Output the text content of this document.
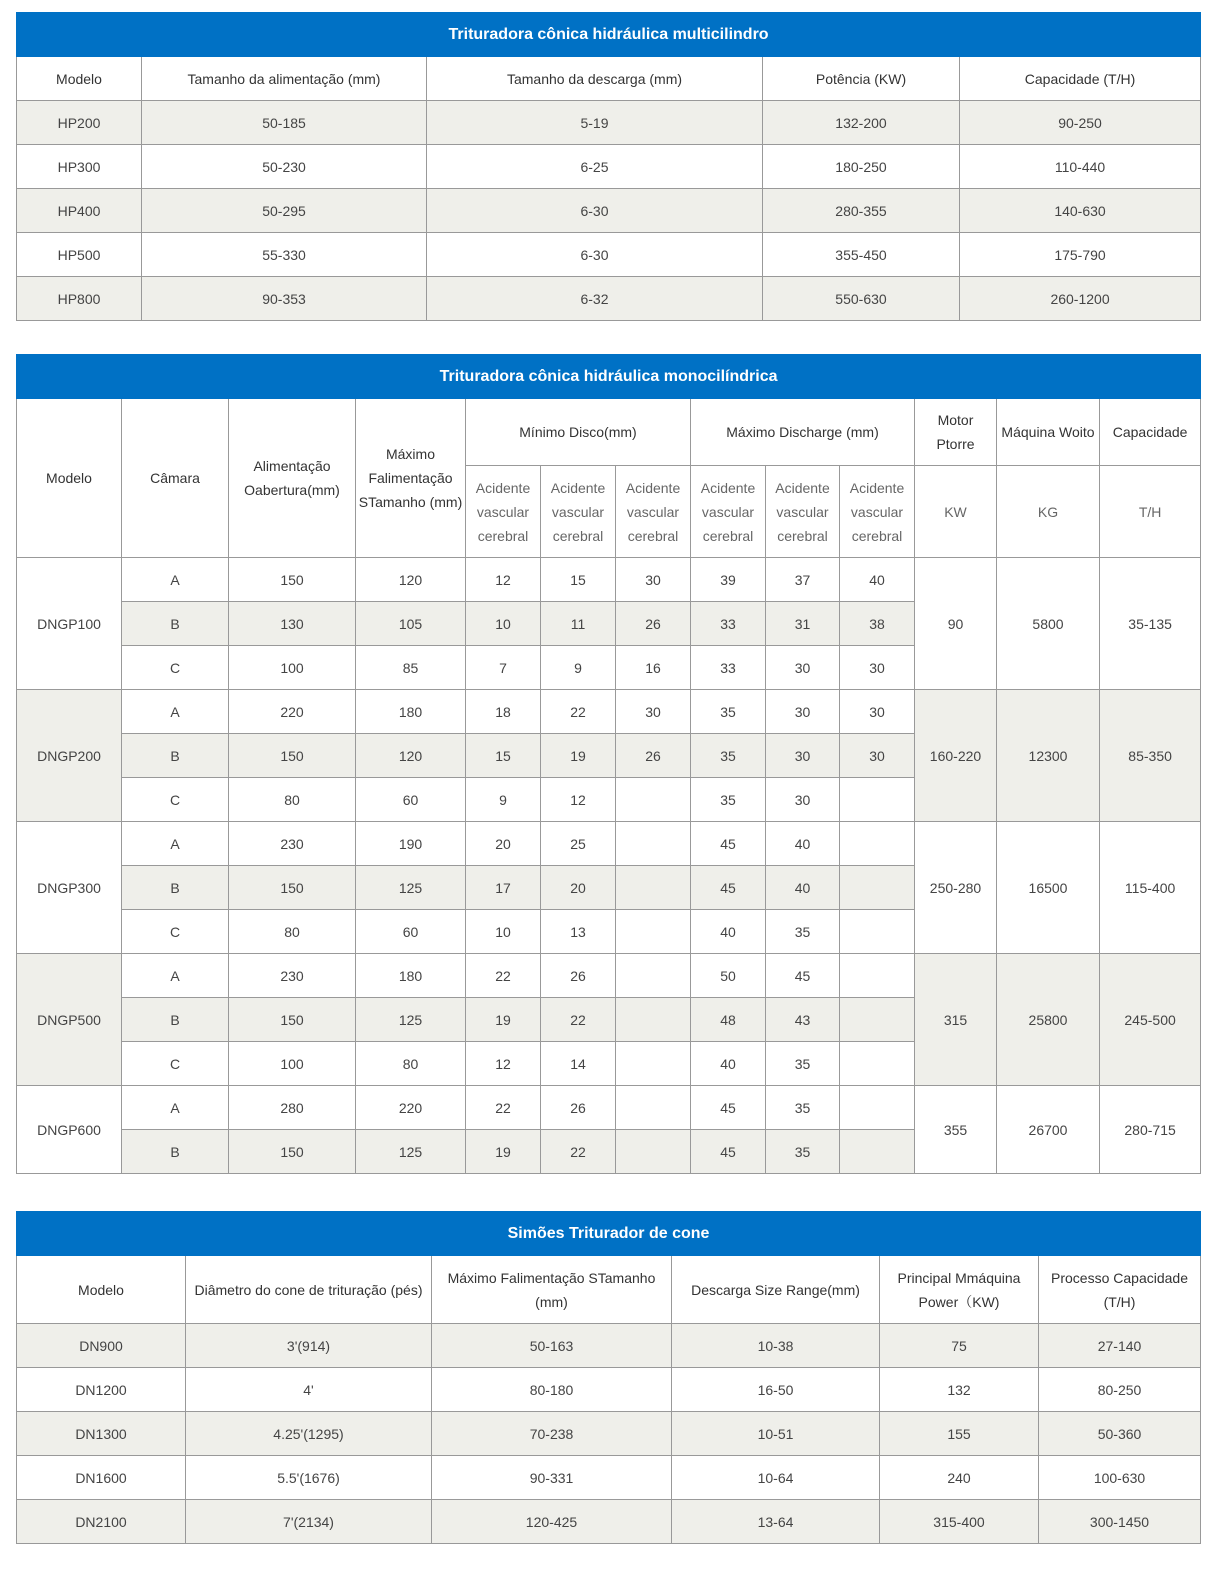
Trituradora cônica hidráulica multicilindro				
Modelo	Tamanho da alimentação (mm)	Tamanho da descarga (mm)	Potência (KW)	Capacidade (T/H)
HP200	50-185	5-19	132-200	90-250
HP300	50-230	6-25	180-250	110-440
HP400	50-295	6-30	280-355	140-630
HP500	55-330	6-30	355-450	175-790
HP800	90-353	6-32	550-630	260-1200
Trituradora cônica hidráulica monocilíndrica												
Modelo	Câmara	Alimentação Oabertura(mm)	Máximo Falimentação STamanho (mm)	Mínimo Disco(mm)			Máximo Discharge (mm)			Motor Ptorre	Máquina Woito	Capacidade
				Acidente vascular cerebral	Acidente vascular cerebral	Acidente vascular cerebral	Acidente vascular cerebral	Acidente vascular cerebral	Acidente vascular cerebral	KW	KG	T/H
DNGP100	A	150	120	12	15	30	39	37	40	90	5800	35-135
	B	130	105	10	11	26	33	31	38			
	C	100	85	7	9	16	33	30	30			
DNGP200	A	220	180	18	22	30	35	30	30	160-220	12300	85-350
	B	150	120	15	19	26	35	30	30			
	C	80	60	9	12		35	30				
DNGP300	A	230	190	20	25		45	40		250-280	16500	115-400
	B	150	125	17	20		45	40				
	C	80	60	10	13		40	35				
DNGP500	A	230	180	22	26		50	45		315	25800	245-500
	B	150	125	19	22		48	43				
	C	100	80	12	14		40	35				
DNGP600	A	280	220	22	26		45	35		355	26700	280-715
	B	150	125	19	22		45	35				
Simões Triturador de cone					
Modelo	Diâmetro do cone de trituração (pés)	Máximo Falimentação STamanho (mm)	Descarga Size Range(mm)	Principal Mmáquina Power（KW)	Processo Capacidade (T/H)
DN900	3'(914)	50-163	10-38	75	27-140
DN1200	4'	80-180	16-50	132	80-250
DN1300	4.25'(1295)	70-238	10-51	155	50-360
DN1600	5.5'(1676)	90-331	10-64	240	100-630
DN2100	7'(2134)	120-425	13-64	315-400	300-1450
